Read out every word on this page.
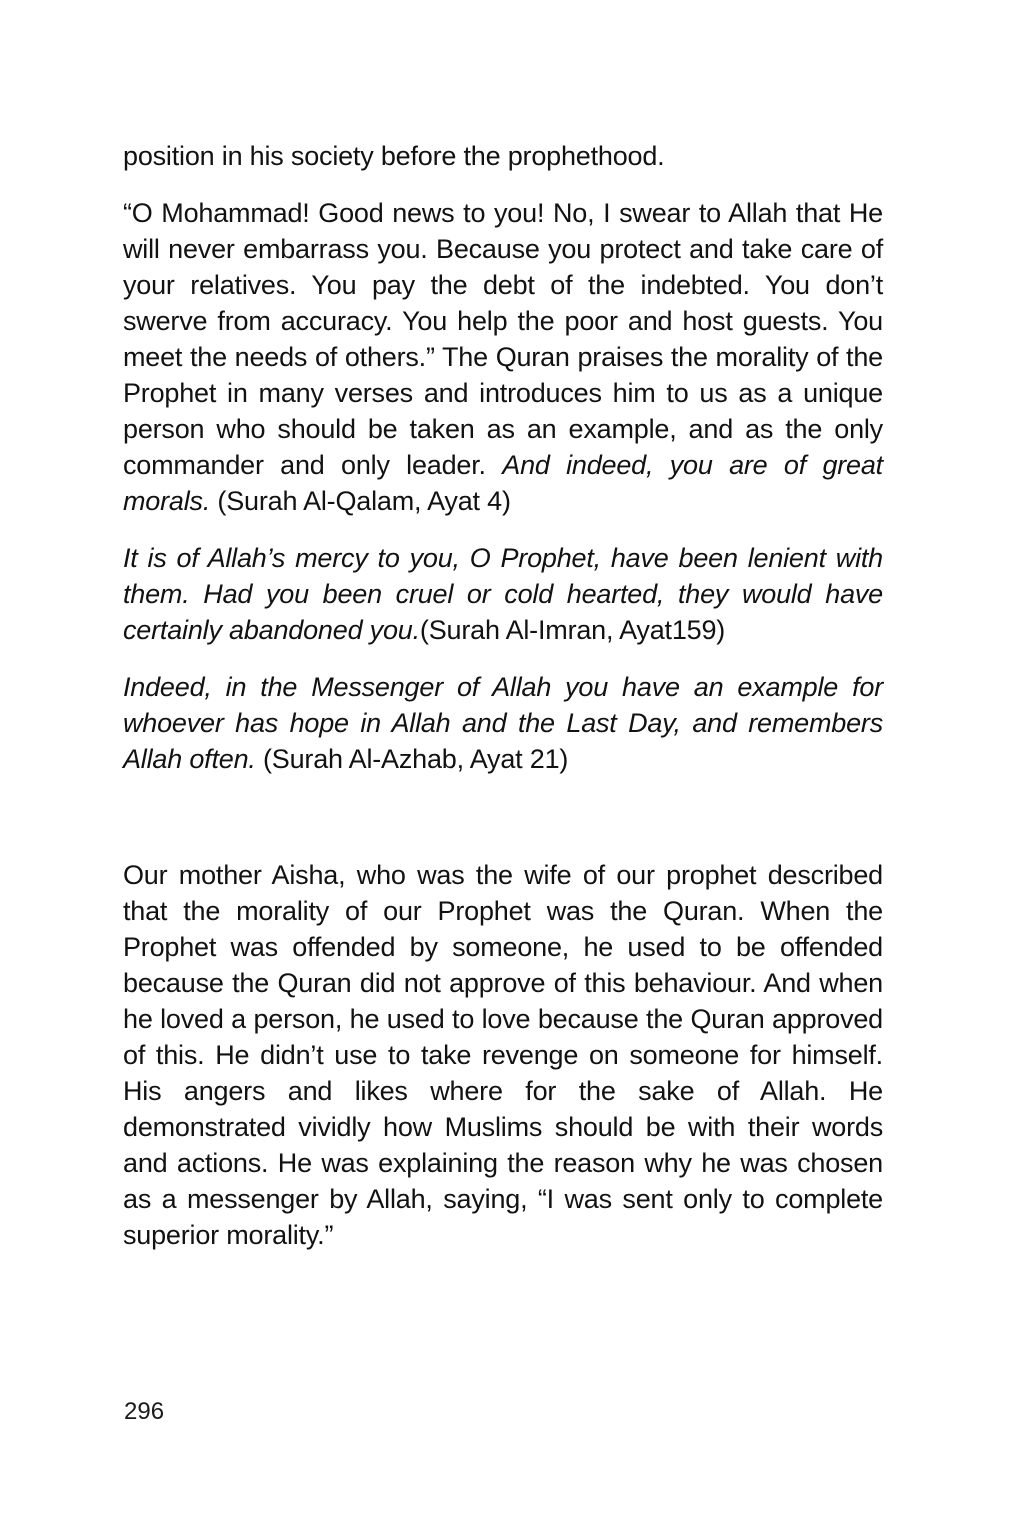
position in his society before the prophethood.

“O Mohammad! Good news to you! No, I swear to Allah that He will never embarrass you. Because you protect and take care of your relatives. You pay the debt of the indebted. You don’t swerve from accuracy. You help the poor and host guests. You meet the needs of others.” The Quran praises the morality of the Prophet in many verses and introduces him to us as a unique person who should be taken as an example, and as the only commander and only leader. And indeed, you are of great morals. (Surah Al-Qalam, Ayat 4)

It is of Allah’s mercy to you, O Prophet, have been lenient with them. Had you been cruel or cold hearted, they would have certainly abandoned you.(Surah Al-Imran, Ayat159)

Indeed, in the Messenger of Allah you have an example for whoever has hope in Allah and the Last Day, and remembers Allah often. (Surah Al-Azhab, Ayat 21)

Our mother Aisha, who was the wife of our prophet described that the morality of our Prophet was the Quran. When the Prophet was offended by someone, he used to be offended because the Quran did not approve of this behaviour. And when he loved a person, he used to love because the Quran approved of this. He didn’t use to take revenge on someone for himself. His angers and likes where for the sake of Allah. He demonstrated vividly how Muslims should be with their words and actions. He was explaining the reason why he was chosen as a messenger by Allah, saying, “I was sent only to complete superior morality.”

296
